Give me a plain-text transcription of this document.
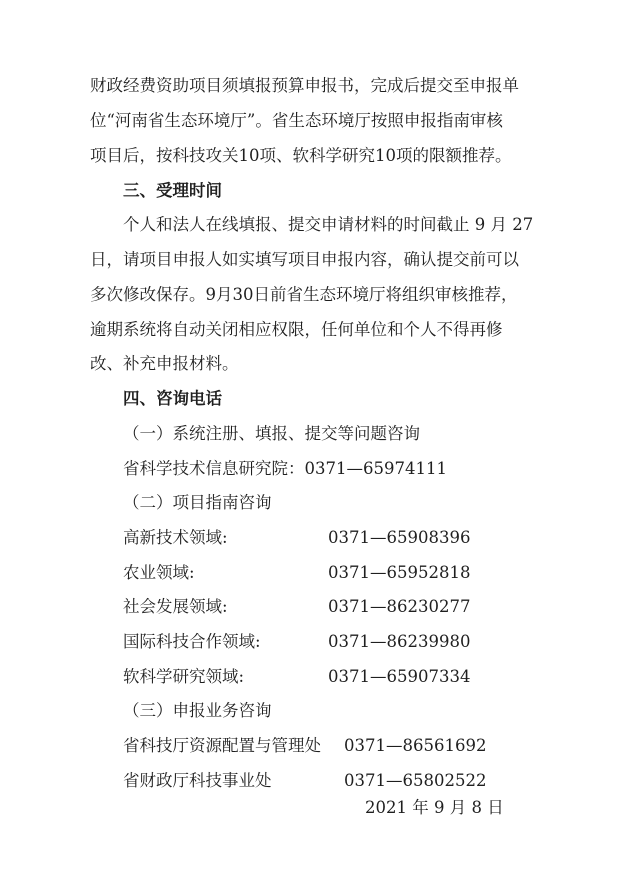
财政经费资助项目须填报预算申报书，完成后提交至申报单
位“河南省生态环境厅”。省生态环境厅按照申报指南审核
项目后，按科技攻关10项、软科学研究10项的限额推荐。
三、受理时间
个人和法人在线填报、提交申请材料的时间截止 9 月 27
日，请项目申报人如实填写项目申报内容，确认提交前可以
多次修改保存。9月30日前省生态环境厅将组织审核推荐，
逾期系统将自动关闭相应权限，任何单位和个人不得再修
改、补充申报材料。
四、咨询电话
（一）系统注册、填报、提交等问题咨询
省科学技术信息研究院：0371—65974111
（二）项目指南咨询
高新技术领域:	0371—65908396
农业领域:	0371—65952818
社会发展领域:	0371—86230277
国际科技合作领域:	0371—86239980
软科学研究领域:	0371—65907334
（三）申报业务咨询
省科技厅资源配置与管理处 0371—86561692
省财政厅科技事业处	0371—65802522
2021 年 9 月 8 日
